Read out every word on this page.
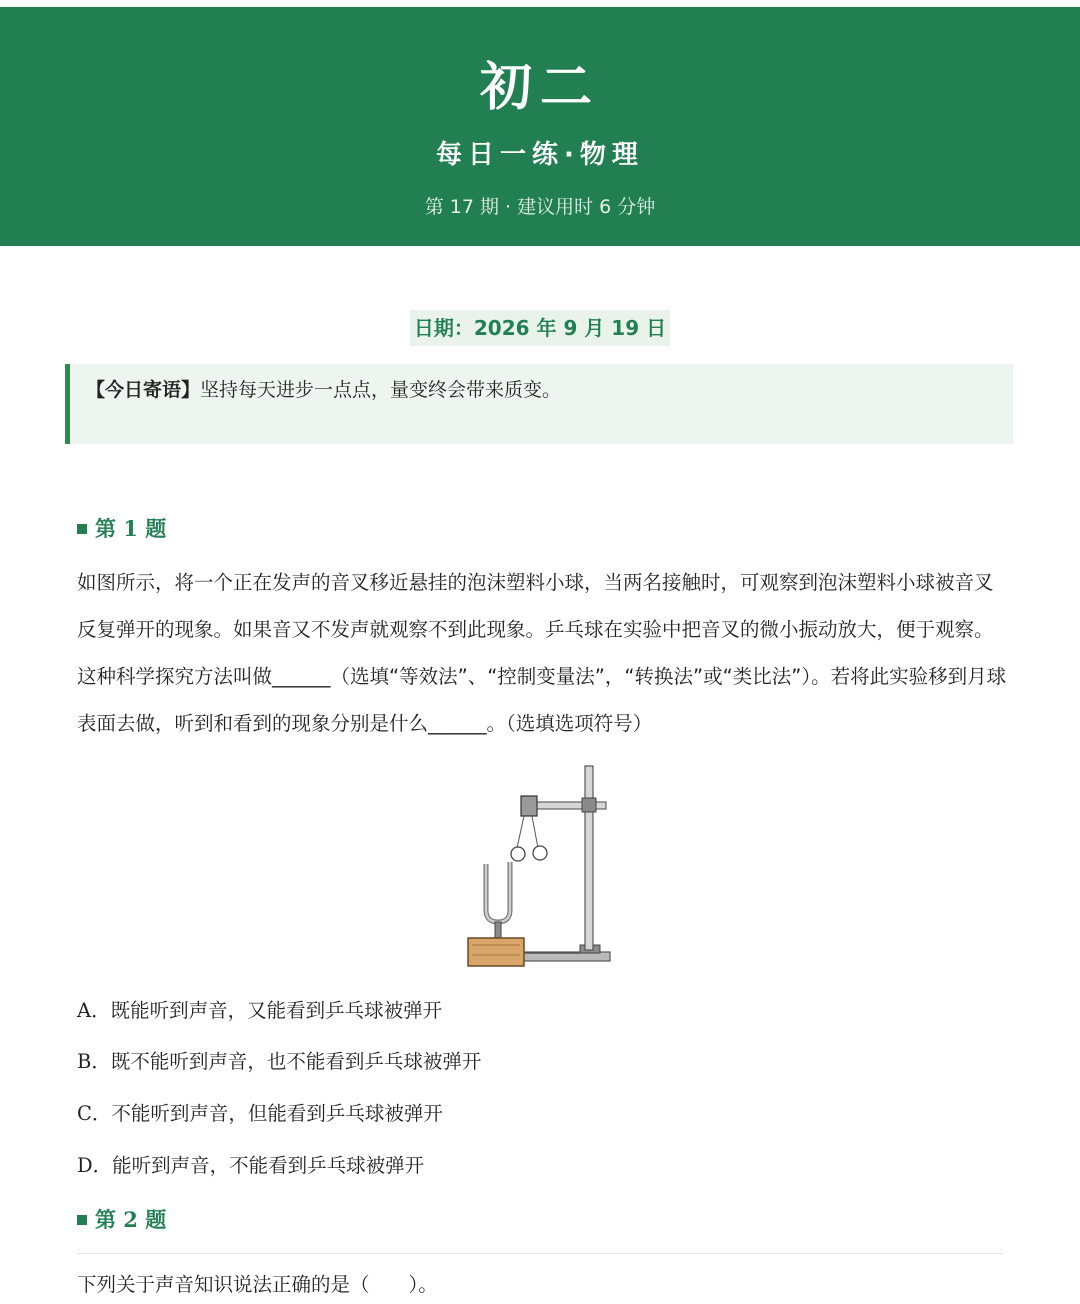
初二
每日一练·物理
第 17 期 · 建议用时 6 分钟
日期：2026 年 9 月 19 日
【今日寄语】坚持每天进步一点点，量变终会带来质变。
第 1 题
如图所示，将一个正在发声的音叉移近悬挂的泡沫塑料小球，当两名接触时，可观察到泡沫塑料小球被音叉反复弹开的现象。如果音又不发声就观察不到此现象。乒乓球在实验中把音叉的微小振动放大，便于观察。这种科学探究方法叫做______（选填“等效法”、“控制变量法”，“转换法”或“类比法”）。若将此实验移到月球表面去做，听到和看到的现象分别是什么______。（选填选项符号）
A．既能听到声音，又能看到乒乓球被弹开
B．既不能听到声音，也不能看到乒乓球被弹开
C．不能听到声音，但能看到乒乓球被弹开
D．能听到声音，不能看到乒乓球被弹开
第 2 题
下列关于声音知识说法正确的是（　　）。
